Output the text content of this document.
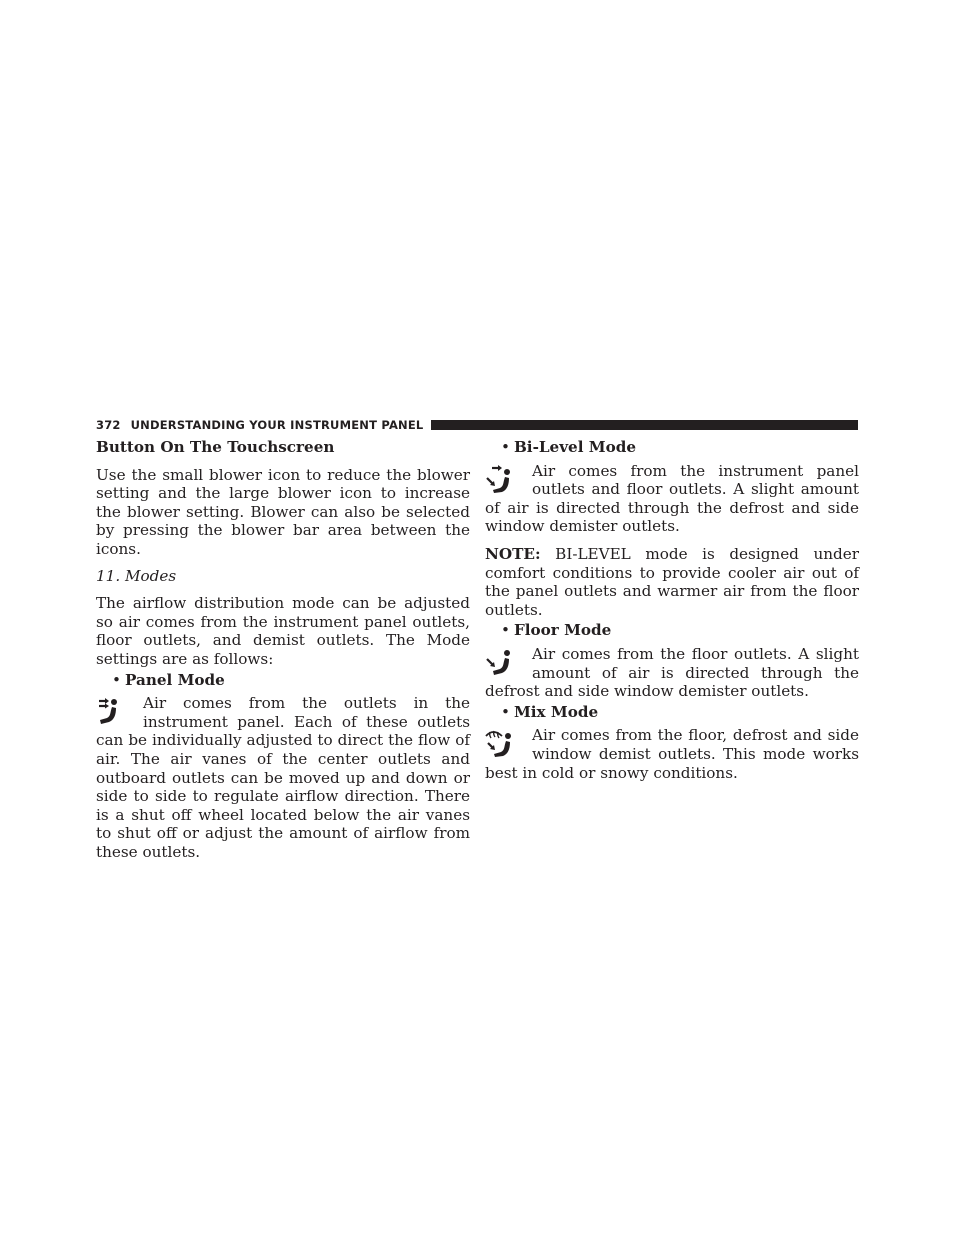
372 UNDERSTANDING YOUR INSTRUMENT PANEL

Button On The Touchscreen

Use the small blower icon to reduce the blower setting and the large blower icon to increase the blower setting. Blower can also be selected by pressing the blower bar area between the icons.

11. Modes

The airflow distribution mode can be adjusted so air comes from the instrument panel outlets, floor outlets, and demist outlets. The Mode settings are as follows:

• Panel Mode

Air comes from the outlets in the instrument panel. Each of these outlets can be individually adjusted to direct the flow of air. The air vanes of the center outlets and outboard outlets can be moved up and down or side to side to regulate airflow direction. There is a shut off wheel located below the air vanes to shut off or adjust the amount of airflow from these outlets.

• Bi-Level Mode

Air comes from the instrument panel outlets and floor outlets. A slight amount of air is directed through the defrost and side window demister outlets.

NOTE: BI-LEVEL mode is designed under comfort conditions to provide cooler air out of the panel outlets and warmer air from the floor outlets.

• Floor Mode

Air comes from the floor outlets. A slight amount of air is directed through the defrost and side window demister outlets.

• Mix Mode

Air comes from the floor, defrost and side window demist outlets. This mode works best in cold or snowy conditions.
